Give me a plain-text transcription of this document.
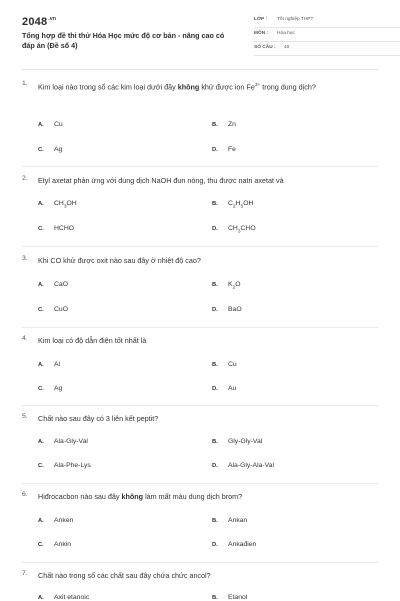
$2048^{.vn}$
Tổng hợp đề thi thử Hóa Học mức độ cơ bản - nâng cao có đáp án (Đề số 4)
LỚP : Tốt nghiệp THPT
MÔN : Hóa học
SỐ CÂU : 40
1. Kim loại nào trong số các kim loại dưới đây không khử được ion $Fe^{3+}$ trong dung dịch?
A. Cu	B. Zn
C. Ag	D. Fe
2. Etyl axetat phản ứng với dung dịch NaOH đun nóng, thu được natri axetat và
A. $CH_3OH$	B. $C_2H_5OH$
C. HCHO	D. $CH_3CHO$
3. Khi CO khử được oxit nào sau đây ở nhiệt độ cao?
A. CaO	B. $K_2O$
C. CuO	D. BaO
4. Kim loại có độ dẫn điện tốt nhất là
A. Al	B. Cu
C. Ag	D. Au
5. Chất nào sau đây có 3 liên kết peptit?
A. Ala-Gly-Val	B. Gly-Gly-Val
C. Ala-Phe-Lys	D. Ala-Gly-Ala-Val
6. Hiđrocacbon nào sau đây không làm mất màu dung dịch brom?
A. Anken	B. Ankan
C. Ankin	D. Ankađien
7. Chất nào trong số các chất sau đây chứa chức ancol?
A. Axit etanoic	B. Etanol
